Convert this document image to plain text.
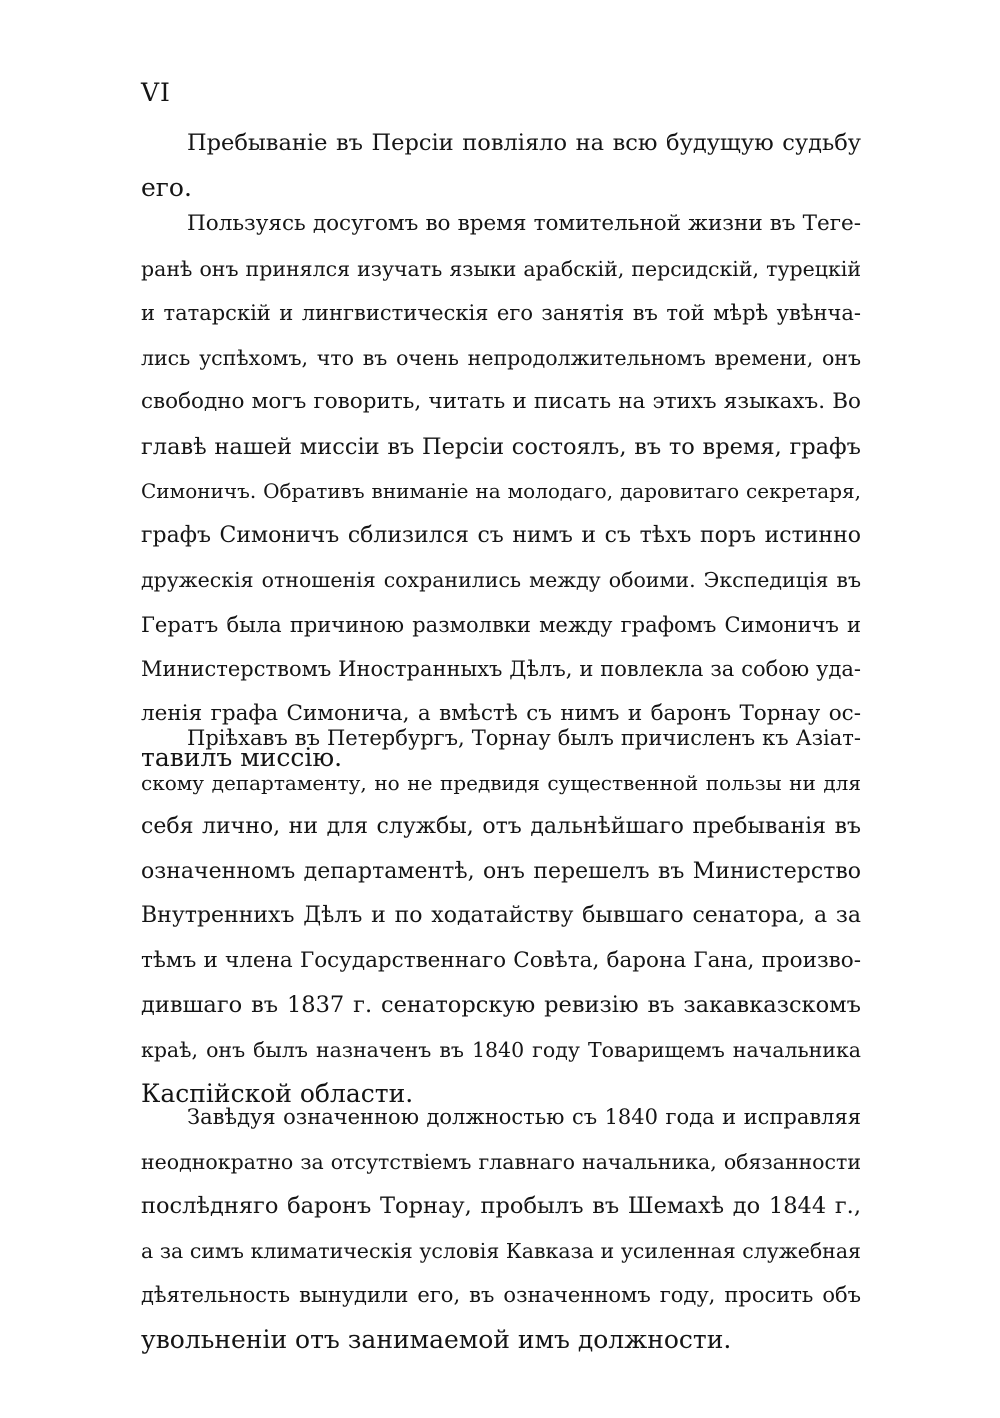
VI
Пребываніе въ Персіи повліяло на всю будущую судьбу
его.
Пользуясь досугомъ во время томительной жизни въ Теге-
ранѣ онъ принялся изучать языки арабскій, персидскій, турецкій
и татарскій и лингвистическія его занятія въ той мѣрѣ увѣнча-
лись успѣхомъ, что въ очень непродолжительномъ времени, онъ
свободно могъ говорить, читать и писать на этихъ языкахъ. Во
главѣ нашей миссіи въ Персіи состоялъ, въ то время, графъ
Симоничъ. Обративъ вниманіе на молодаго, даровитаго секретаря,
графъ Симоничъ сблизился съ нимъ и съ тѣхъ поръ истинно
дружескія отношенія сохранились между обоими. Экспедиція въ
Гератъ была причиною размолвки между графомъ Симоничъ и
Министерствомъ Иностранныхъ Дѣлъ, и повлекла за собою уда-
ленія графа Симонича, а вмѣстѣ съ нимъ и баронъ Торнау ос-
тавилъ миссію.
Пріѣхавъ въ Петербургъ, Торнау былъ причисленъ къ Азіат-
скому департаменту, но не предвидя существенной пользы ни для
себя лично, ни для службы, отъ дальнѣйшаго пребыванія въ
означенномъ департаментѣ, онъ перешелъ въ Министерство
Внутреннихъ Дѣлъ и по ходатайству бывшаго сенатора, а за
тѣмъ и члена Государственнаго Совѣта, барона Гана, произво-
дившаго въ 1837 г. сенаторскую ревизію въ закавказскомъ
краѣ, онъ былъ назначенъ въ 1840 году Товарищемъ начальника
Каспійской области.
Завѣдуя означенною должностью съ 1840 года и исправляя
неоднократно за отсутствіемъ главнаго начальника, обязанности
послѣдняго баронъ Торнау, пробылъ въ Шемахѣ до 1844 г.,
а за симъ климатическія условія Кавказа и усиленная служебная
дѣятельность вынудили его, въ означенномъ году, просить объ
увольненіи отъ занимаемой имъ должности.
